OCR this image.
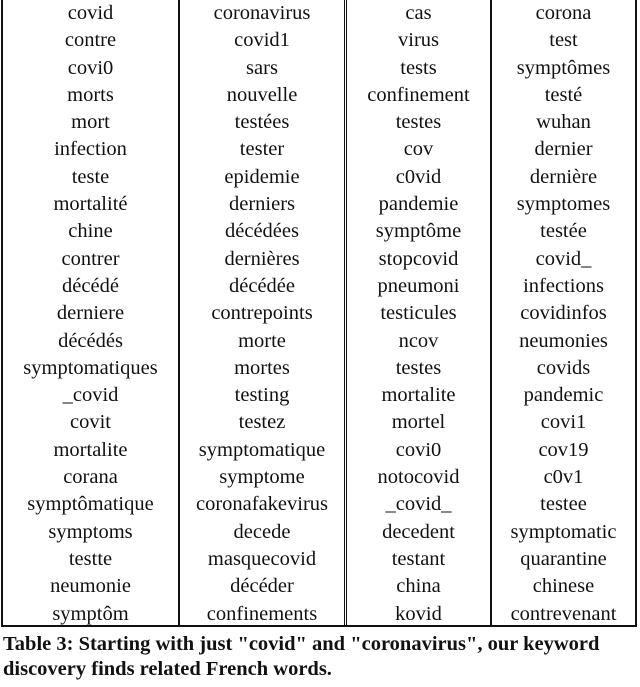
covid
contre
covi0
morts
mort
infection
teste
mortalité
chine
contrer
décédé
derniere
décédés
symptomatiques
_covid
covit
mortalite
corana
symptômatique
symptoms
testte
neumonie
symptôm
coronavirus
covid1
sars
nouvelle
testées
tester
epidemie
derniers
décédées
dernières
décédée
contrepoints
morte
mortes
testing
testez
symptomatique
symptome
coronafakevirus
decede
masquecovid
décéder
confinements
cas
virus
tests
confinement
testes
cov
c0vid
pandemie
symptôme
stopcovid
pneumoni
testicules
ncov
testes
mortalite
mortel
covi0
notocovid
_covid_
decedent
testant
china
kovid
corona
test
symptômes
testé
wuhan
dernier
dernière
symptomes
testée
covid_
infections
covidinfos
neumonies
covids
pandemic
covi1
cov19
c0v1
testee
symptomatic
quarantine
chinese
contrevenant
Table 3: Starting with just "covid" and "coronavirus", our keyword discovery finds related French words.
